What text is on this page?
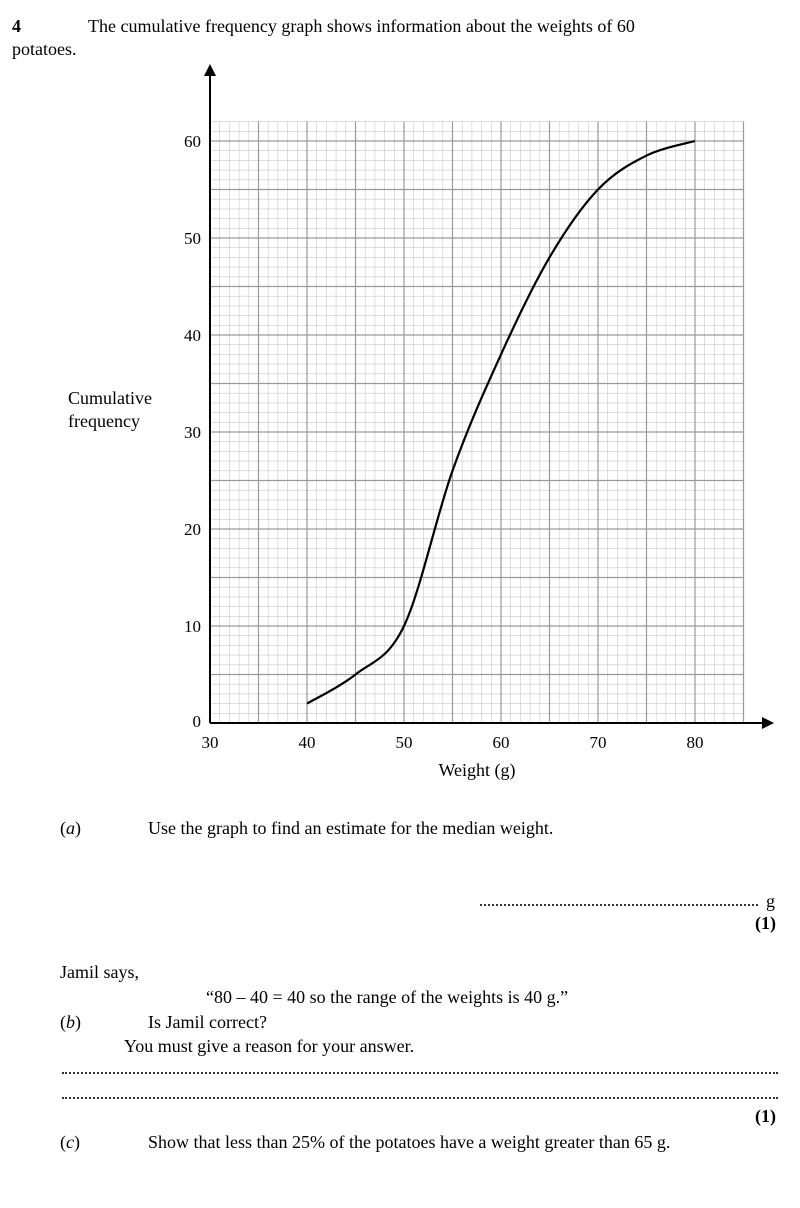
4	The cumulative frequency graph shows information about the weights of 60
potatoes.
Cumulative
frequency
30	40	50	60	70	80
0
10
20
30
40
50
60
Weight (g)
(a)	Use the graph to find an estimate for the median weight.
g
(1)
Jamil says,
“80 – 40 = 40 so the range of the weights is 40 g.”
(b)	Is Jamil correct?
You must give a reason for your answer.
(1)
(c)	Show that less than 25% of the potatoes have a weight greater than 65 g.
